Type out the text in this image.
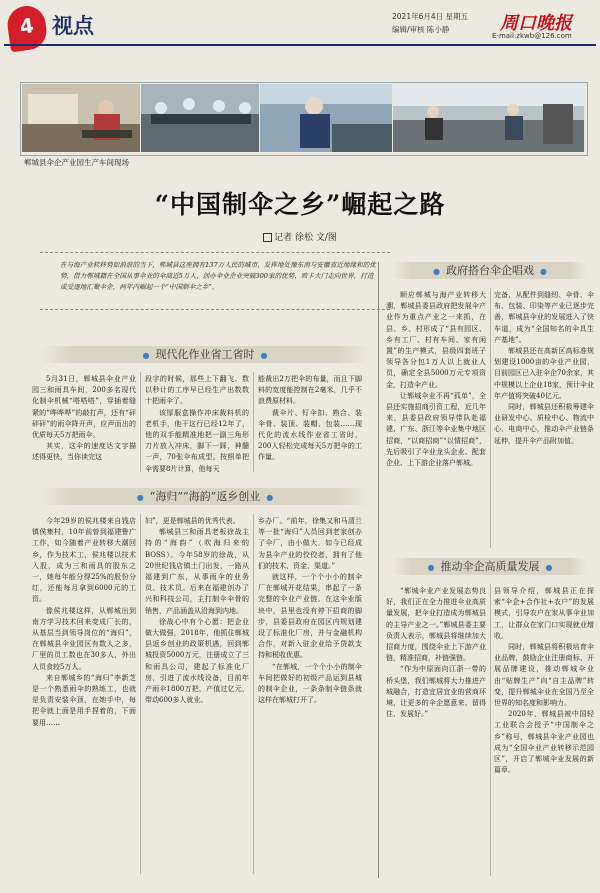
4 视点	2021年6月4日 星期五
编辑/审核 陈小静	周口晚报
E-mail:zkwb@126.com
郸城县伞企产业园生产车间现场
“中国制伞之乡”崛起之路
记者 徐松 文/图
在与海产业转移势如浪浪的当下，郸城县这座拥有137万人民的城市，发挥地处豫东南与安徽省近地缘和的优势，借力郸城籍在全国从事伞业的伞商近5万人，创办伞业企业突破300家的优势，欧卡大门走向世界，打造成受逐地汇聚伞企，两年内崛起一个“中国制伞之乡”。
● 现代化作业省工省时 ●

5月31日，郸城县伞业产业园三和雨具车间，200多名现代化制伞机械“嗒嗒嗒”，穿插着缝紧的“哗哗哗”的敲打声，还有“砰砰砰”的雨伞降开声，应声而出的优质每天5万把雨伞。

其实，这伞的速度达文字描述得更快，当你读完这

段字的时候，那些上下翻飞、数以秒计的工序早已经生产出数数十把雨伞了。

该厚服盒操作冲床裁料机的老机手，他干这行已经12年了，他的双手能精准地把一副三角形刀片放入冲床，脚下一踩，神髓一声，70张伞布成型。按照单把伞需要8片计算，他每天

能裁出2万把伞的布量，而且下脚料的宽度能控制在2毫米，几乎不浪费原材料。

裁伞片、钉伞扣、熟合、装伞骨、装顶、装帽、包装……现代化的流水线作业省工省时，200人轻松完成每天5万把伞的工作量。

● “海归”“海韵”返乡创业 ●

今年29岁的侯兆楼来自钱店镇侯集村，10年前曾到福建鲁广工作，如今随着产业转移大潮回乡，作为技术工，侯兆楼以技术入股，成为三和雨具的股东之一，她每年能分得25%的股份分红，还能每月拿到6000元的工资。

像侯兆楼这样，从郸城出到南方学习技术回来变成厂长的，从基层当到领导岗位的“海归”，在郸城县伞业园区有数人之多，厂里的员工数也在30多人，外出人员食较5万人。

来自郸城乡的“海归”李新芝是一个熟悉雨伞的熟练工，也就是负责安装伞顶，在她手中，每把伞就上面是用手捏着的，下面要用……

妇”，更是郸城县的优秀代表。

郸城县三和雨具老板徐战主持的“海韵”（吹海归来的BOSS）。今年58岁的徐战，从20世纪钱店镇土门出发，一路从福建到广东，从事雨伞的业务员、技术员。后来在福建创办了兴和科技公司，主打制伞伞骨的销售，产品涵盖从沿海到内地。

徐战心中有个心愿：把企业做大做强，2018年，他抓住郸城县返乡创业的政策机遇，回到郸城投资5000万元，注册成立了三和雨具公司，建起了标准化厂房，引进了流水线设备，目前年产雨伞1800万把，产值过亿元，带动600多人就业。

乡办厂。“前年，徐集又和马清兰等一批“海归”人员回到老家创办了伞厂，由小做大，如今已经成为县伞产业的佼佼者，拥有了他们的技术、资金、渠道。”

就这样，一个个小小的制伞厂在郸城开花结果，串起了一条完整的伞业产业链。在这伞业版块中，县里也没有停下招商的脚步，县委县政府在园区内规划建设了标准化厂房，并与金融机构合作，对新入驻企业给予贷款支持和税收优惠。

“在郸城，一个个小小的制伞车间把做好的初级产品运到县城的制伞企业，一条条制伞链条就这样在郸城打开了。

● 政府搭台伞企唱戏 ●

顺应郸城与海产业转移大潮，郸城县委县政府把发展伞产业作为重点产业之一来抓，在县、乡、村形成了“县有园区、乡有工厂、村有车间、家有闲置”的生产模式，县级四套班子领导各分包1万人以上就业人员，确定全县5000万元专项资金，打造伞产业。

让郸城伞业不再“孤单”，全县还实施招商引资工程，近几年来，县委县政府领导带队赴福建、广东、浙江等伞业集中地区招商，“以商招商”“以情招商”，先后吸引了伞业龙头企业、配套企业、上下游企业落户郸城。

完备，从配件到缝纫、伞骨、伞布、包装、印染等产业已逐步完善，郸城县伞业的发展进入了快车道，成为“全国知名的伞具生产基地”。

郸城县还在高新区高标准规划建设1000亩的伞业产业园，目前园区已入驻伞企70余家，其中规模以上企业18家，预计伞业年产值将突破40亿元。

同时，郸城县还积极筹建伞业研发中心、质检中心、物流中心、电商中心，推动伞产业链条延伸，提升伞产品附加值。

● 推动伞企高质量发展 ●

“郸城伞业产业发展态势良好，我们正在全力推进伞业高质量发展，把伞业打造成为郸城县的主导产业之一。”郸城县委主要负责人表示，郸城县将继续加大招商力度，围绕伞业上下游产业链，精准招商，补链强链。

“作为中原面向江浙一带的桥头堡，我们郸城将大力推进产城融合，打造宜居宜业的营商环境，让更多的伞企愿意来、留得住、发展好。”

县领导介绍，郸城县正在探索“伞企+合作社+农户”的发展模式，引导农户在家从事伞业加工，让群众在家门口实现就业增收。

同时，郸城县将积极培育伞业品牌，鼓励企业注册商标、开展品牌建设，推动郸城伞业由“贴牌生产”向“自主品牌”转变，提升郸城伞业在全国乃至全世界的知名度和影响力。

2020年，郸城县被中国轻工业联合会授予“中国制伞之乡”称号，郸城县伞业产业园也成为“全国伞业产业转移示范园区”，开启了郸城伞业发展的新篇章。
